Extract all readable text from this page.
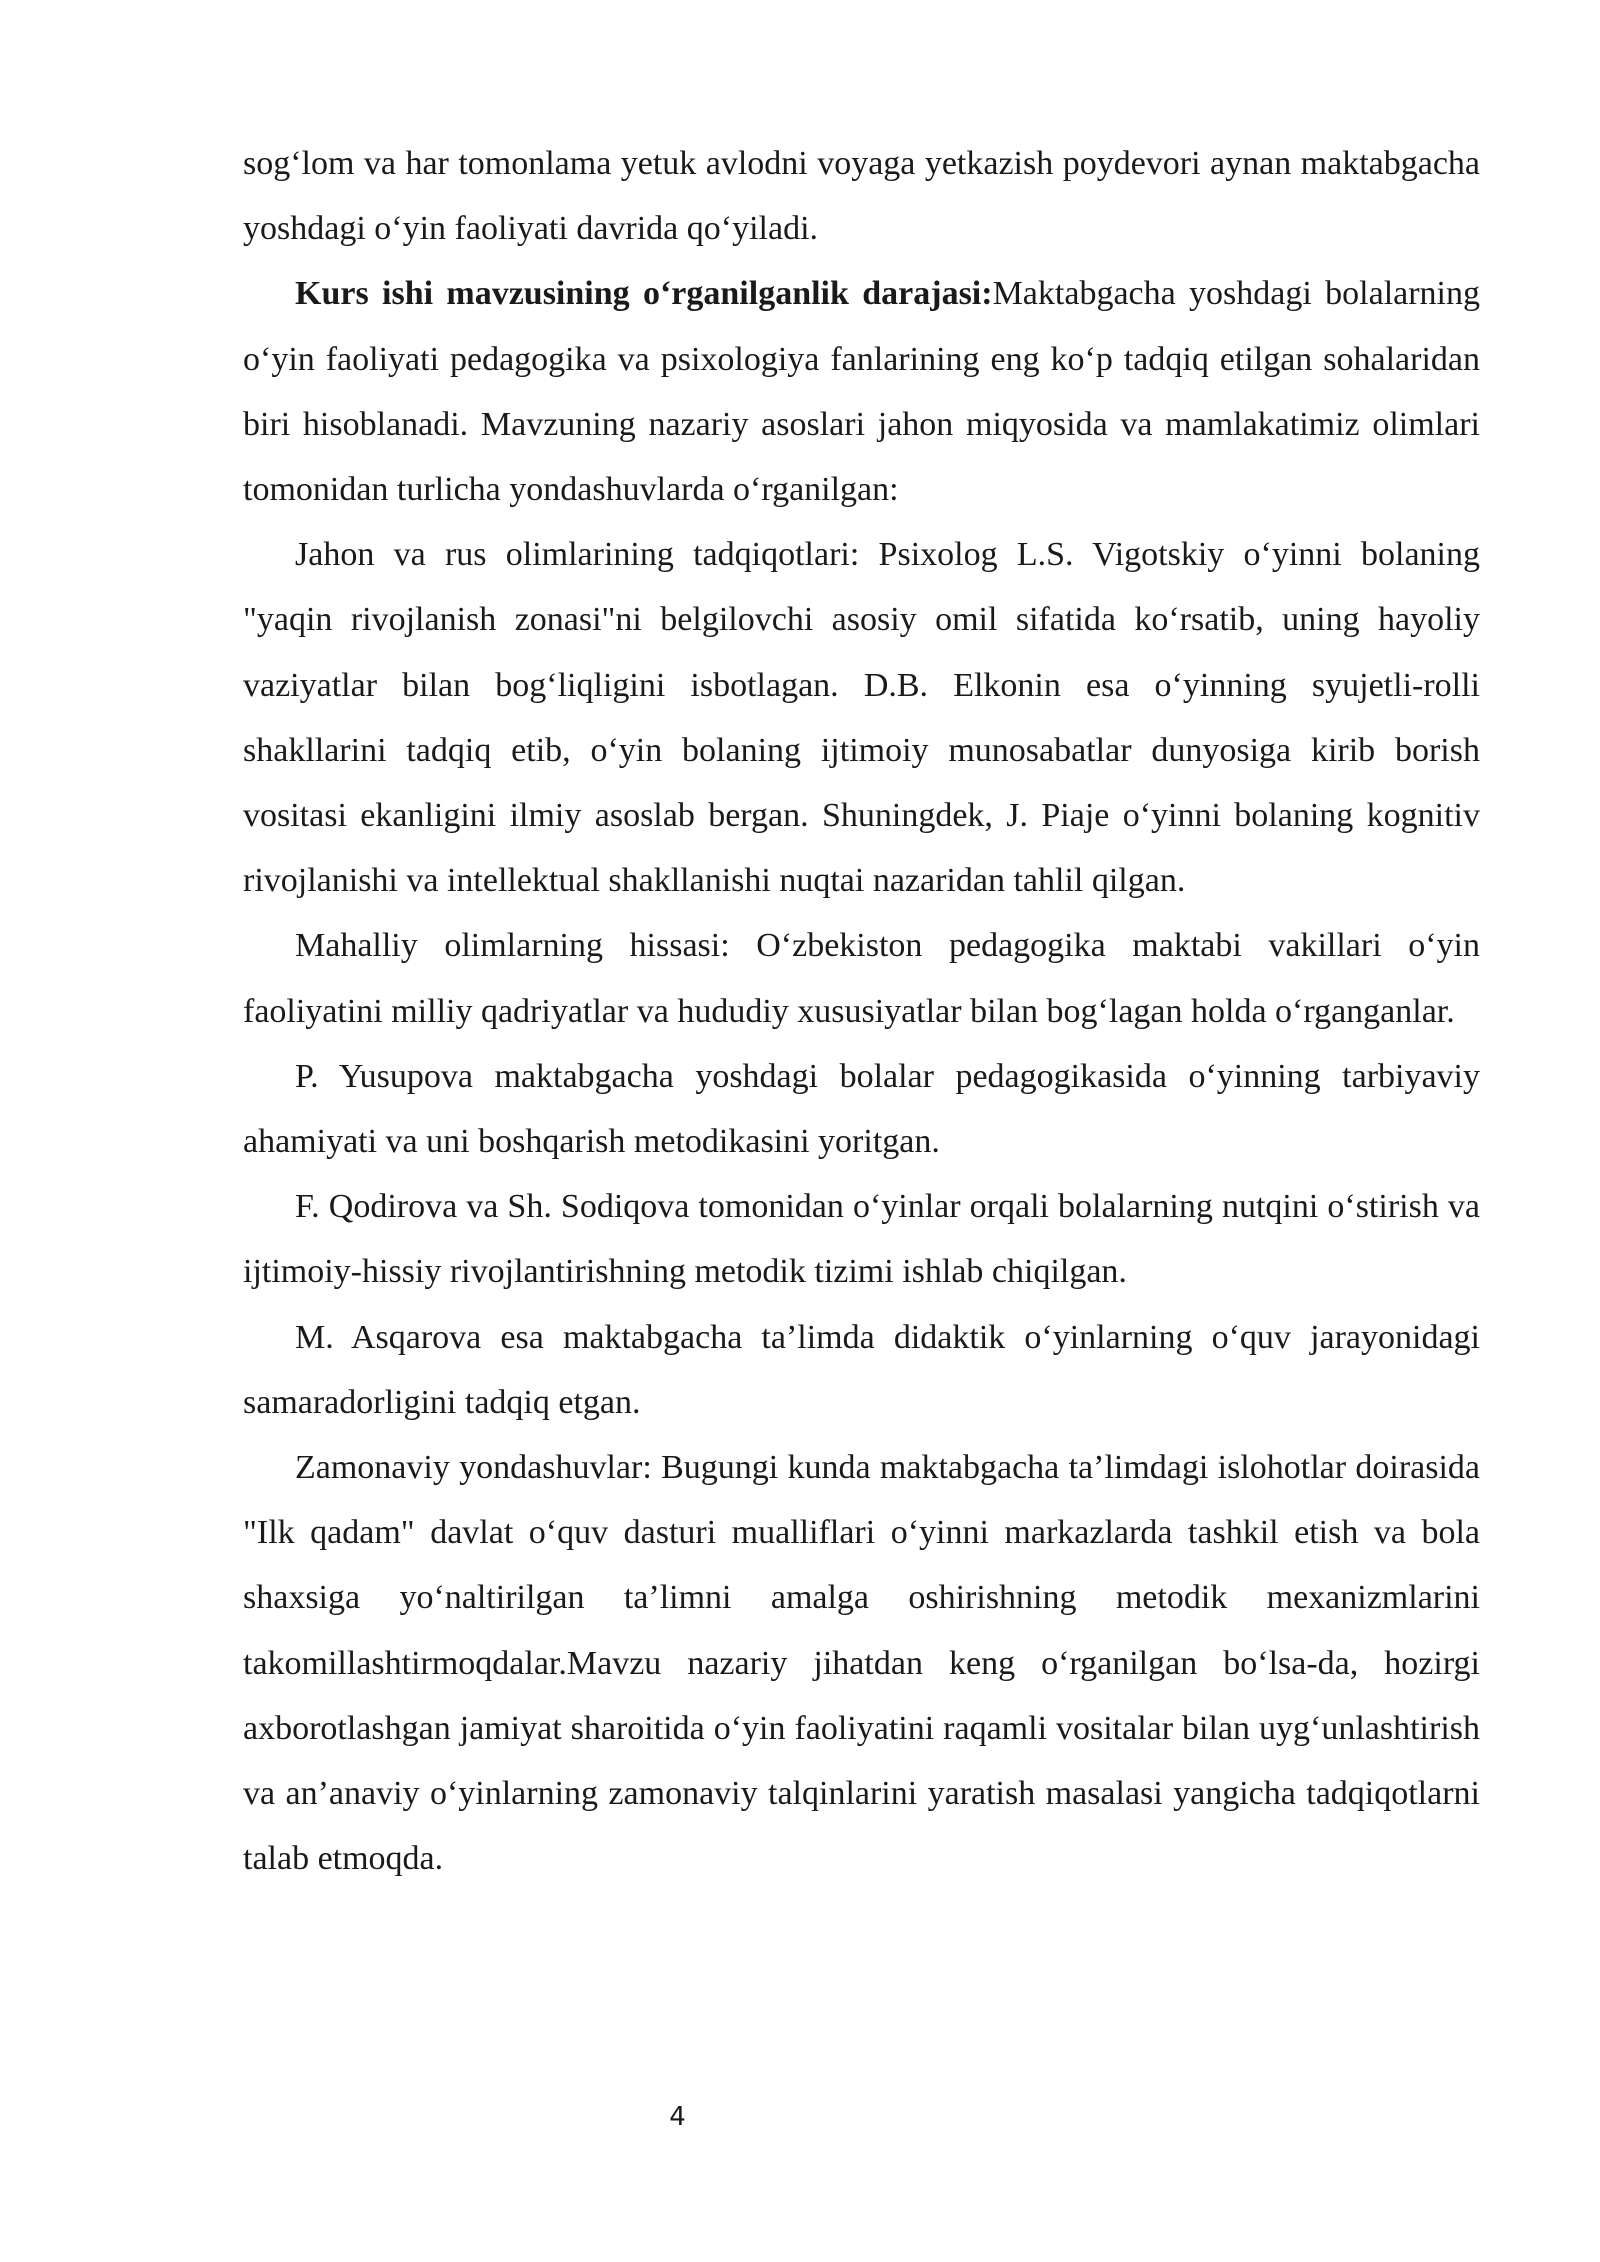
sog‘lom va har tomonlama yetuk avlodni voyaga yetkazish poydevori aynan maktabgacha yoshdagi o‘yin faoliyati davrida qo‘yiladi.

Kurs ishi mavzusining o‘rganilganlik darajasi:Maktabgacha yoshdagi bolalarning o‘yin faoliyati pedagogika va psixologiya fanlarining eng ko‘p tadqiq etilgan sohalaridan biri hisoblanadi. Mavzuning nazariy asoslari jahon miqyosida va mamlakatimiz olimlari tomonidan turlicha yondashuvlarda o‘rganilgan:

Jahon va rus olimlarining tadqiqotlari: Psixolog L.S. Vigotskiy o‘yinni bolaning "yaqin rivojlanish zonasi"ni belgilovchi asosiy omil sifatida ko‘rsatib, uning hayoliy vaziyatlar bilan bog‘liqligini isbotlagan. D.B. Elkonin esa o‘yinning syujetli-rolli shakllarini tadqiq etib, o‘yin bolaning ijtimoiy munosabatlar dunyosiga kirib borish vositasi ekanligini ilmiy asoslab bergan. Shuningdek, J. Piaje o‘yinni bolaning kognitiv rivojlanishi va intellektual shakllanishi nuqtai nazaridan tahlil qilgan.

Mahalliy olimlarning hissasi: O‘zbekiston pedagogika maktabi vakillari o‘yin faoliyatini milliy qadriyatlar va hududiy xususiyatlar bilan bog‘lagan holda o‘rganganlar.

P. Yusupova maktabgacha yoshdagi bolalar pedagogikasida o‘yinning tarbiyaviy ahamiyati va uni boshqarish metodikasini yoritgan.

F. Qodirova va Sh. Sodiqova tomonidan o‘yinlar orqali bolalarning nutqini o‘stirish va ijtimoiy-hissiy rivojlantirishning metodik tizimi ishlab chiqilgan.

M. Asqarova esa maktabgacha ta’limda didaktik o‘yinlarning o‘quv jarayonidagi samaradorligini tadqiq etgan.

Zamonaviy yondashuvlar: Bugungi kunda maktabgacha ta’limdagi islohotlar doirasida "Ilk qadam" davlat o‘quv dasturi mualliflari o‘yinni markazlarda tashkil etish va bola shaxsiga yo‘naltirilgan ta’limni amalga oshirishning metodik mexanizmlarini takomillashtirmoqdalar.Mavzu nazariy jihatdan keng o‘rganilgan bo‘lsa-da, hozirgi axborotlashgan jamiyat sharoitida o‘yin faoliyatini raqamli vositalar bilan uyg‘unlashtirish va an’anaviy o‘yinlarning zamonaviy talqinlarini yaratish masalasi yangicha tadqiqotlarni talab etmoqda.

4
